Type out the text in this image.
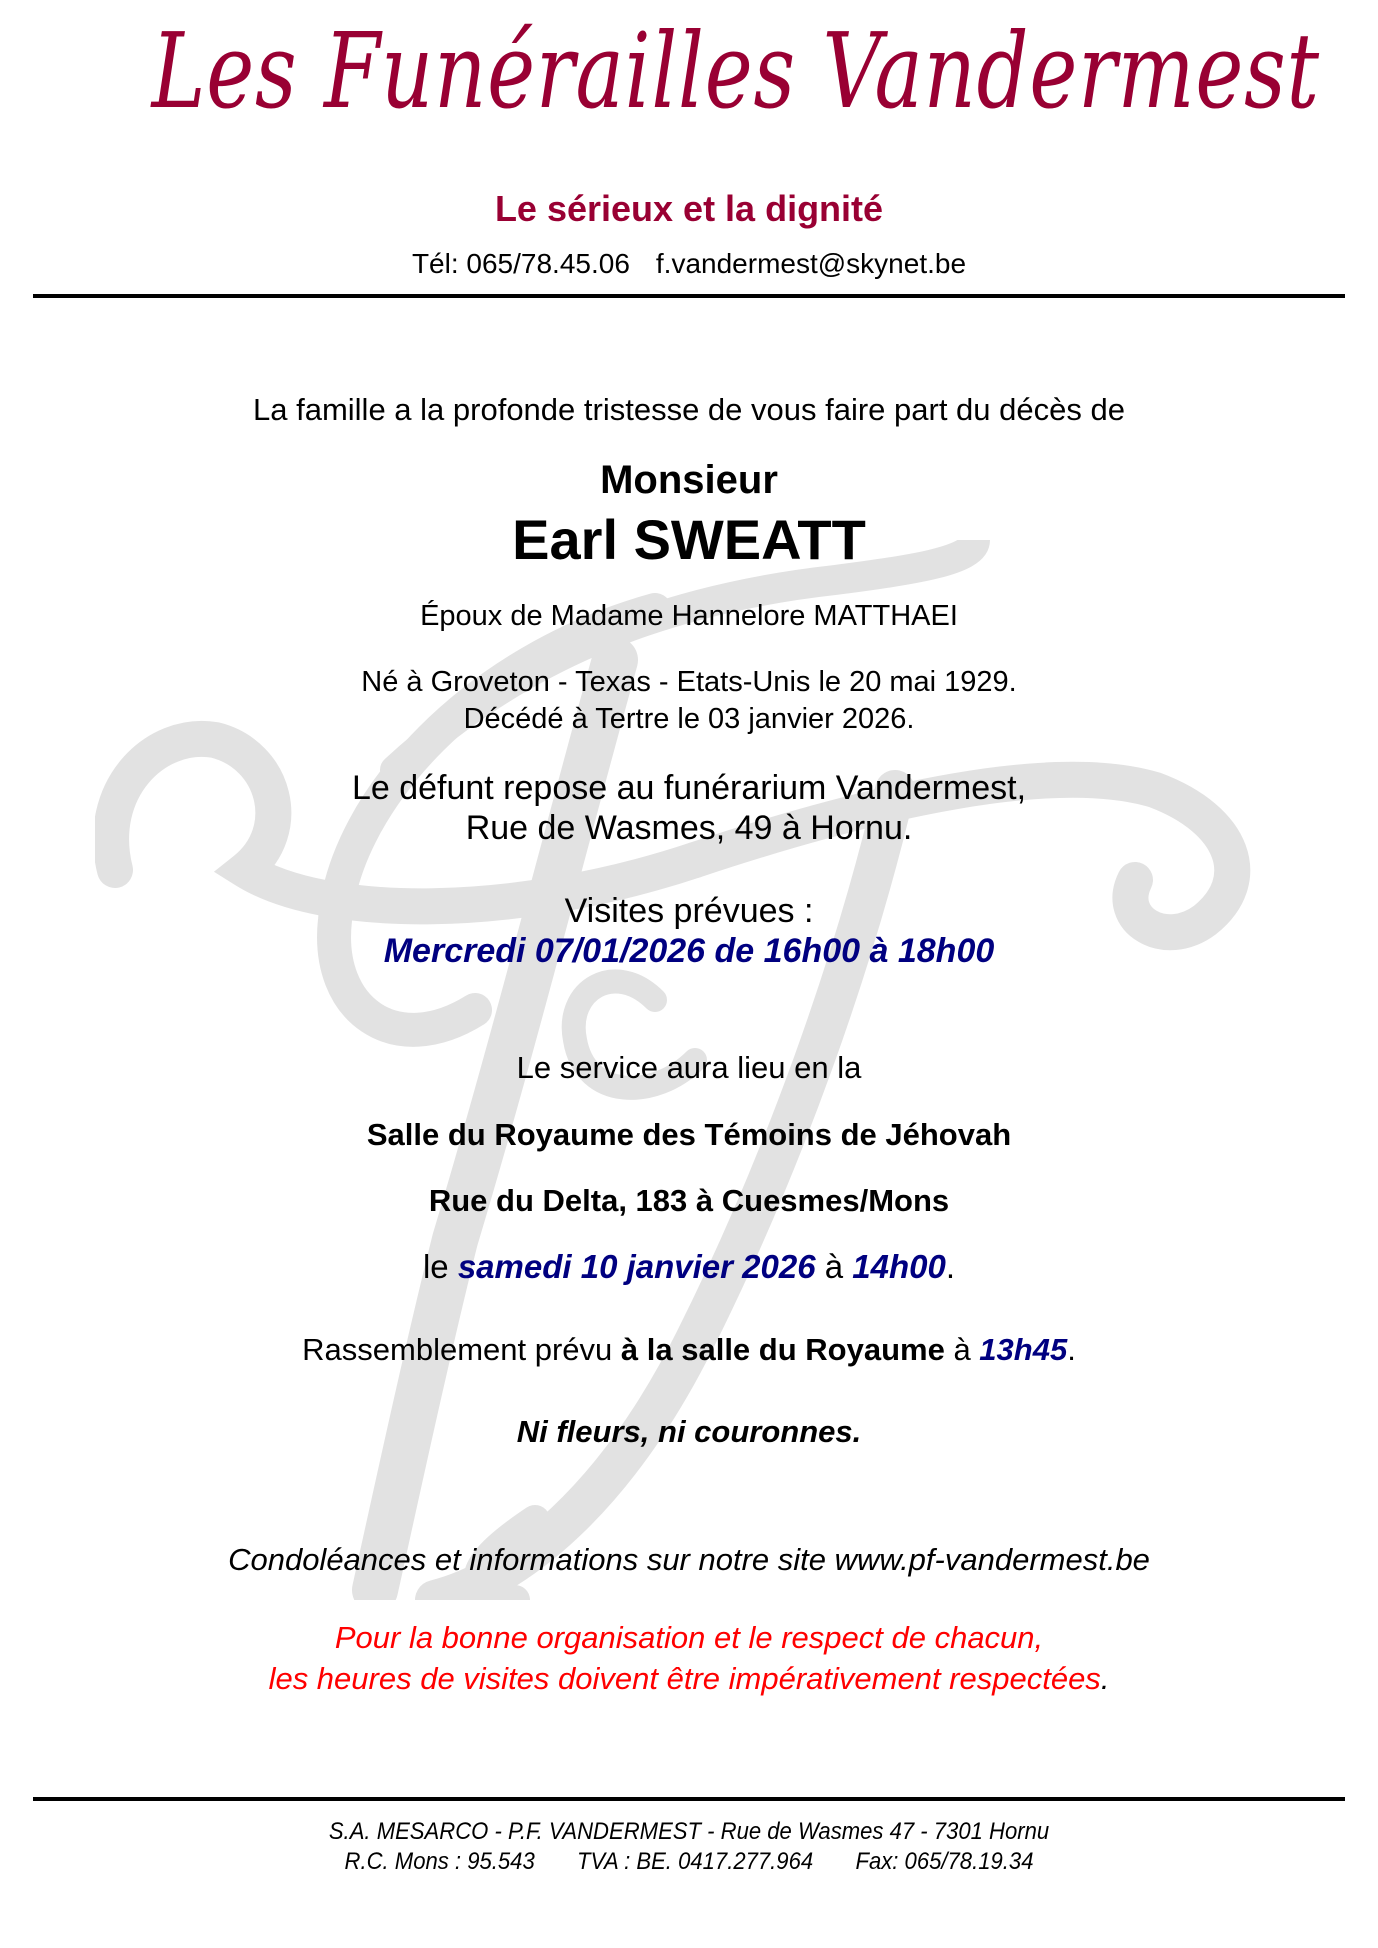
Les Funérailles Vandermest
Le sérieux et la dignité
Tél: 065/78.45.06 f.vandermest@skynet.be
La famille a la profonde tristesse de vous faire part du décès de
Monsieur
Earl SWEATT
Époux de Madame Hannelore MATTHAEI
Né à Groveton - Texas - Etats-Unis le 20 mai 1929.
Décédé à Tertre le 03 janvier 2026.
Le défunt repose au funérarium Vandermest,
Rue de Wasmes, 49 à Hornu.
Visites prévues :
Mercredi 07/01/2026 de 16h00 à 18h00
Le service aura lieu en la
Salle du Royaume des Témoins de Jéhovah
Rue du Delta, 183 à Cuesmes/Mons
le samedi 10 janvier 2026 à 14h00.
Rassemblement prévu à la salle du Royaume à 13h45.
Ni fleurs, ni couronnes.
Condoléances et informations sur notre site www.pf-vandermest.be
Pour la bonne organisation et le respect de chacun,
les heures de visites doivent être impérativement respectées.
S.A. MESARCO - P.F. VANDERMEST - Rue de Wasmes 47 - 7301 Hornu
R.C. Mons : 95.543 TVA : BE. 0417.277.964 Fax: 065/78.19.34
